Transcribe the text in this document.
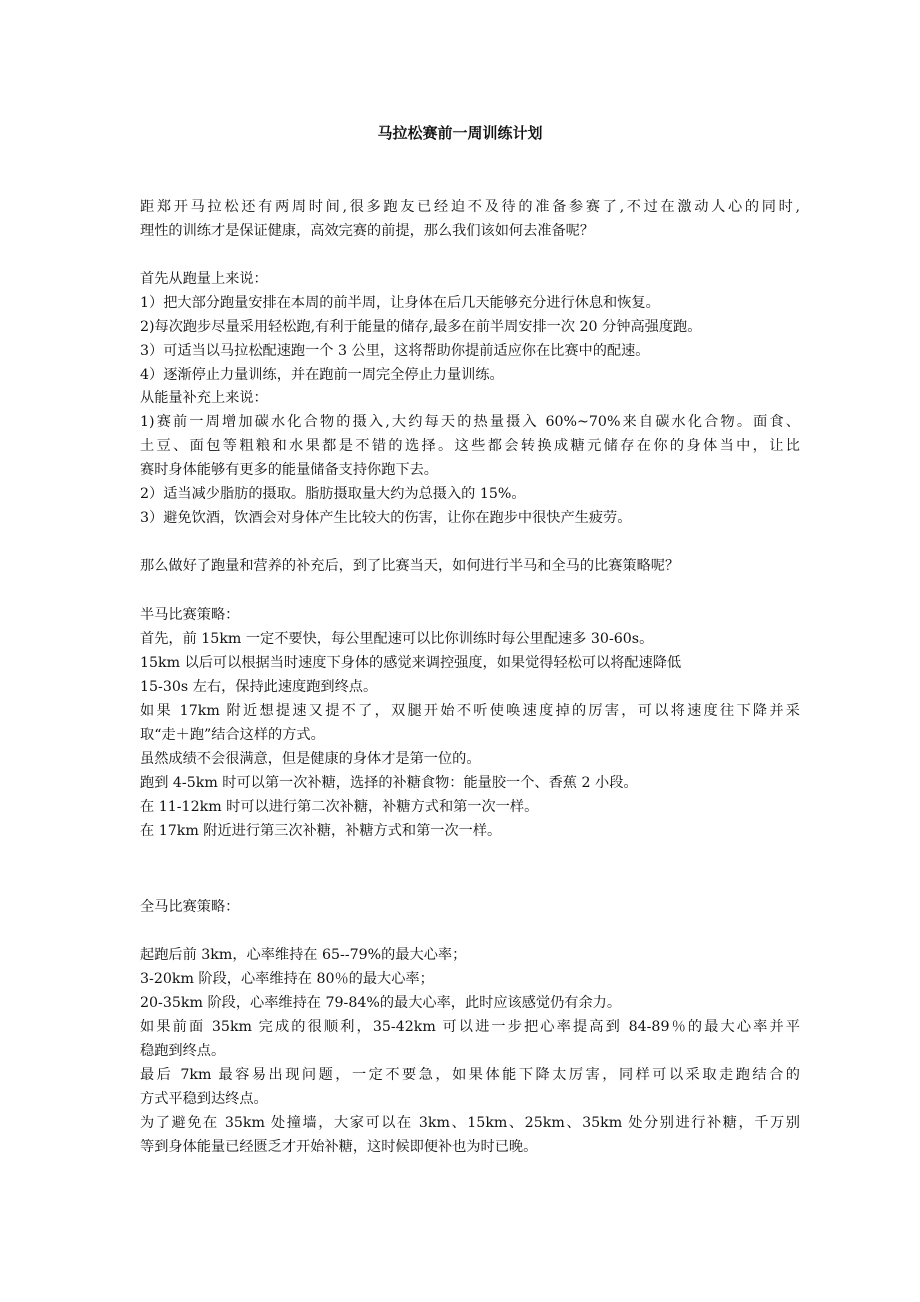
马拉松赛前一周训练计划
距郑开马拉松还有两周时间,很多跑友已经迫不及待的准备参赛了,不过在激动人心的同时,
理性的训练才是保证健康，高效完赛的前提，那么我们该如何去准备呢？
首先从跑量上来说：
1）把大部分跑量安排在本周的前半周，让身体在后几天能够充分进行休息和恢复。
2)每次跑步尽量采用轻松跑,有利于能量的储存,最多在前半周安排一次 20 分钟高强度跑。
3）可适当以马拉松配速跑一个 3 公里，这将帮助你提前适应你在比赛中的配速。
4）逐渐停止力量训练，并在跑前一周完全停止力量训练。
从能量补充上来说：
1)赛前一周增加碳水化合物的摄入,大约每天的热量摄入 60%~70%来自碳水化合物。面食、
土豆、面包等粗粮和水果都是不错的选择。这些都会转换成糖元储存在你的身体当中，让比
赛时身体能够有更多的能量储备支持你跑下去。
2）适当减少脂肪的摄取。脂肪摄取量大约为总摄入的 15%。
3）避免饮酒，饮酒会对身体产生比较大的伤害，让你在跑步中很快产生疲劳。
那么做好了跑量和营养的补充后，到了比赛当天，如何进行半马和全马的比赛策略呢？
半马比赛策略：
首先，前 15km 一定不要快，每公里配速可以比你训练时每公里配速多 30-60s。
15km 以后可以根据当时速度下身体的感觉来调控强度，如果觉得轻松可以将配速降低
15-30s 左右，保持此速度跑到终点。
如果 17km 附近想提速又提不了，双腿开始不听使唤速度掉的厉害，可以将速度往下降并采
取“走＋跑”结合这样的方式。
虽然成绩不会很满意，但是健康的身体才是第一位的。
跑到 4-5km 时可以第一次补糖，选择的补糖食物：能量胶一个、香蕉 2 小段。
在 11-12km 时可以进行第二次补糖，补糖方式和第一次一样。
在 17km 附近进行第三次补糖，补糖方式和第一次一样。
全马比赛策略：
起跑后前 3km，心率维持在 65--79%的最大心率；
3-20km 阶段，心率维持在 80％的最大心率；
20-35km 阶段，心率维持在 79-84%的最大心率，此时应该感觉仍有余力。
如果前面 35km 完成的很顺利，35-42km 可以进一步把心率提高到 84-89％的最大心率并平
稳跑到终点。
最后 7km 最容易出现问题，一定不要急，如果体能下降太厉害，同样可以采取走跑结合的
方式平稳到达终点。
为了避免在 35km 处撞墙，大家可以在 3km、15km、25km、35km 处分别进行补糖，千万别
等到身体能量已经匮乏才开始补糖，这时候即便补也为时已晚。
